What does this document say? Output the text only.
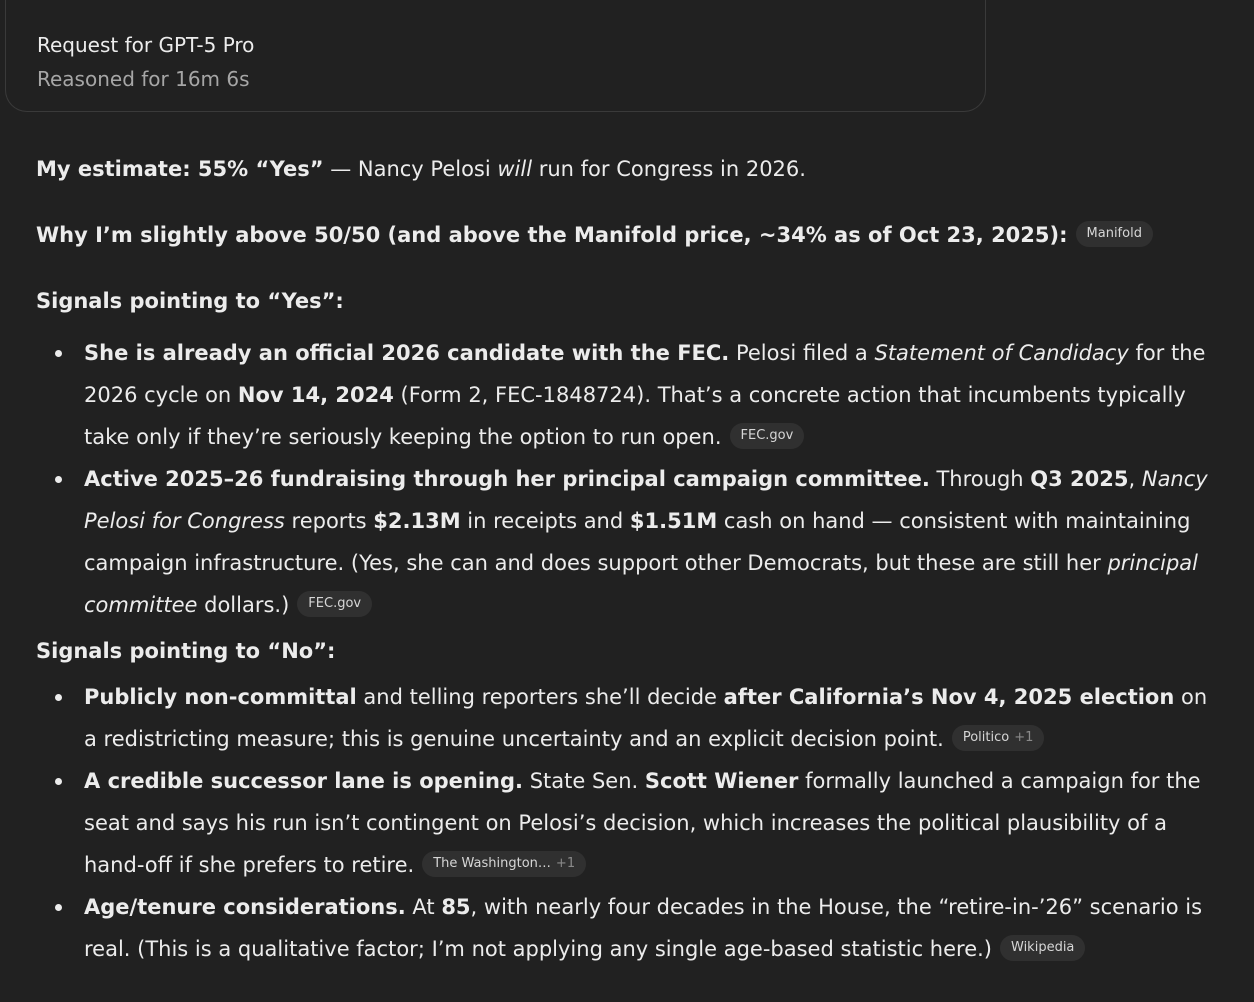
Request for GPT-5 Pro
Reasoned for 16m 6s

My estimate: 55% “Yes” — Nancy Pelosi will run for Congress in 2026.

Why I’m slightly above 50/50 (and above the Manifold price, ~34% as of Oct 23, 2025): Manifold

Signals pointing to “Yes”:

She is already an official 2026 candidate with the FEC. Pelosi filed a Statement of Candidacy for the 2026 cycle on Nov 14, 2024 (Form 2, FEC-1848724). That’s a concrete action that incumbents typically take only if they’re seriously keeping the option to run open. FEC.gov
Active 2025–26 fundraising through her principal campaign committee. Through Q3 2025, Nancy Pelosi for Congress reports $2.13M in receipts and $1.51M cash on hand — consistent with maintaining campaign infrastructure. (Yes, she can and does support other Democrats, but these are still her principal committee dollars.) FEC.gov

Signals pointing to “No”:

Publicly non-committal and telling reporters she’ll decide after California’s Nov 4, 2025 election on a redistricting measure; this is genuine uncertainty and an explicit decision point. Politico +1
A credible successor lane is opening. State Sen. Scott Wiener formally launched a campaign for the seat and says his run isn’t contingent on Pelosi’s decision, which increases the political plausibility of a hand-off if she prefers to retire. The Washington… +1
Age/tenure considerations. At 85, with nearly four decades in the House, the “retire-in-’26” scenario is real. (This is a qualitative factor; I’m not applying any single age-based statistic here.) Wikipedia
